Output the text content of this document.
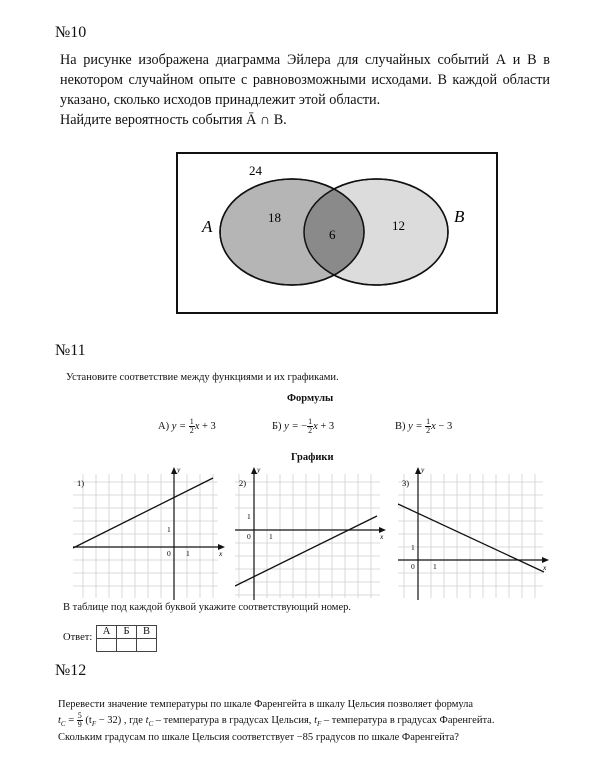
№10
На рисунке изображена диаграмма Эйлера для случайных событий А и В в некотором случайном опыте с равновозможными исходами. В каждой области указано, сколько исходов принадлежит этой области.
Найдите вероятность события Ā ∩ B.
24
A
B
18
6
12
№11
Установите соответствие между функциями и их графиками.
Формулы
А) $y = \frac{1}{2}$ x + 3	Б) y = − $\frac{1}{2}$ x + 3	В) $y = \frac{1}{2}$ x − 3
Графики
1)
0 1
1
x
y
2)
0 1
1
x
y
3)
0 1
1
x
y
В таблице под каждой буквой укажите соответствующий номер.
Ответ:
А	Б	В

№12
Перевести значение температуры по шкале Фаренгейта в шкалу Цельсия позволяет формула
$t_C = \frac{5}{9} (t_F - 32)$ , где $t_C$ – температура в градусах Цельсия, $t_F$ – температура в градусах Фаренгейта.
Скольким градусам по шкале Цельсия соответствует −85 градусов по шкале Фаренгейта?
